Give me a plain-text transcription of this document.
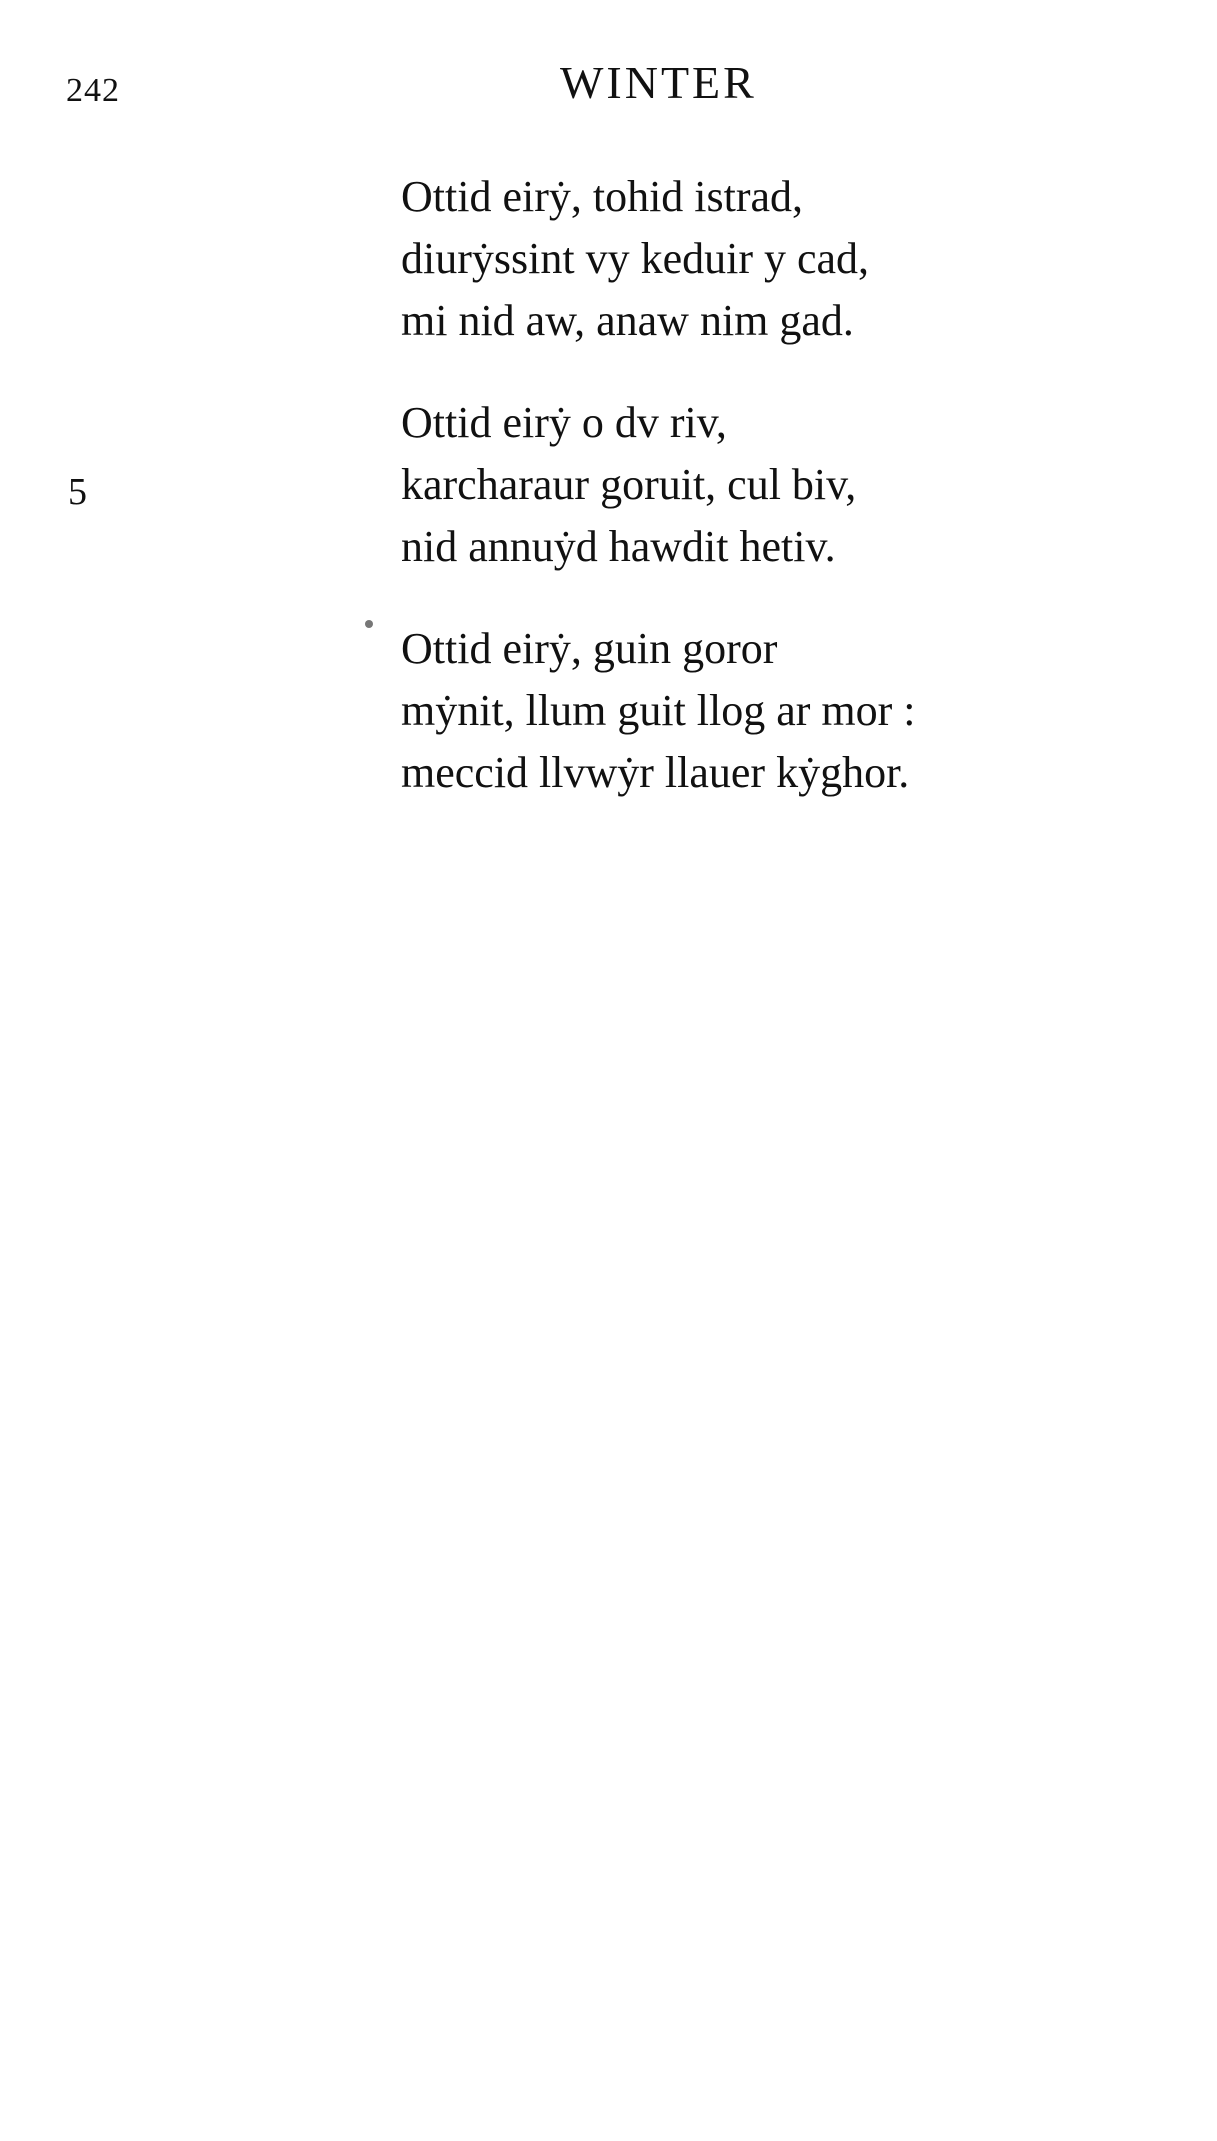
242	WINTER
5
Ottid eirẏ, tohid istrad,
diurẏssint vy keduir y cad,
mi nid aw, anaw nim gad.
Ottid eirẏ o dv riv,
karcharaur goruit, cul biv,
nid annuẏd hawdit hetiv.
Ottid eirẏ, guin goror
mẏnit, llum guit llog ar mor :
meccid llvwẏr llauer kẏghor.
